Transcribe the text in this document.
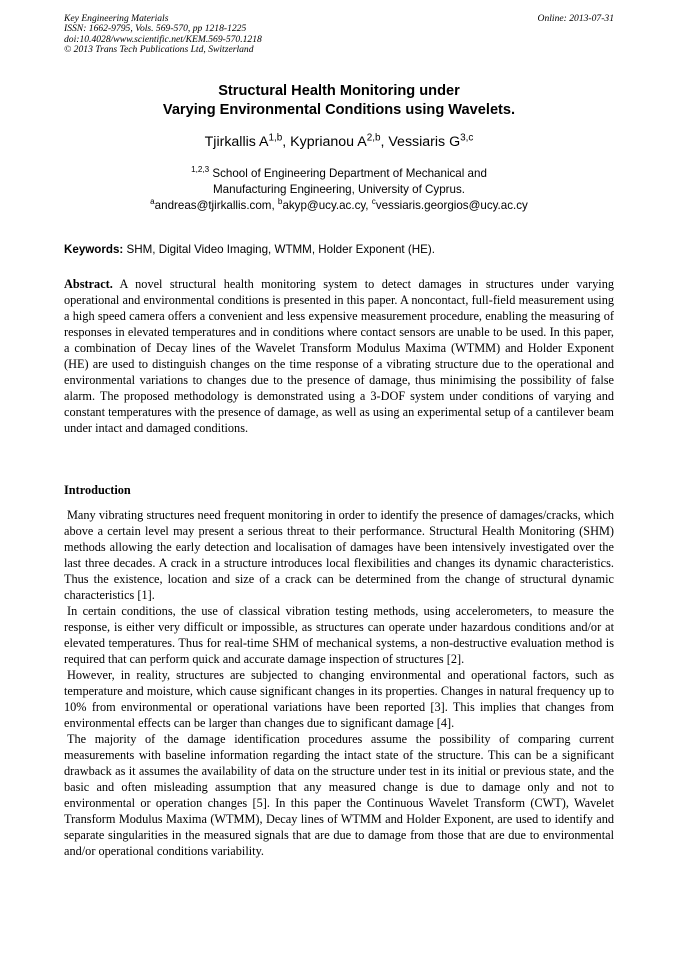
Key Engineering Materials
ISSN: 1662-9795, Vols. 569-570, pp 1218-1225
doi:10.4028/www.scientific.net/KEM.569-570.1218
© 2013 Trans Tech Publications Ltd, Switzerland
Online: 2013-07-31
Structural Health Monitoring under
Varying Environmental Conditions using Wavelets.
Tjirkallis A$^{1,b}$, Kyprianou A$^{2,b}$, Vessiaris G$^{3,c}$
$^{1,2,3}$ School of Engineering Department of Mechanical and
Manufacturing Engineering, University of Cyprus.
$^a$andreas@tjirkallis.com, $^b$akyp@ucy.ac.cy, $^c$vessiaris.georgios@ucy.ac.cy
Keywords: SHM, Digital Video Imaging, WTMM, Holder Exponent (HE).
Abstract. A novel structural health monitoring system to detect damages in structures under varying operational and environmental conditions is presented in this paper. A noncontact, full-field measurement using a high speed camera offers a convenient and less expensive measurement procedure, enabling the measuring of responses in elevated temperatures and in conditions where contact sensors are unable to be used. In this paper, a combination of Decay lines of the Wavelet Transform Modulus Maxima (WTMM) and Holder Exponent (HE) are used to distinguish changes on the time response of a vibrating structure due to the operational and environmental variations to changes due to the presence of damage, thus minimising the possibility of false alarm. The proposed methodology is demonstrated using a 3-DOF system under conditions of varying and constant temperatures with the presence of damage, as well as using an experimental setup of a cantilever beam under intact and damaged conditions.
Introduction

Many vibrating structures need frequent monitoring in order to identify the presence of damages/cracks, which above a certain level may present a serious threat to their performance. Structural Health Monitoring (SHM) methods allowing the early detection and localisation of damages have been intensively investigated over the last three decades. A crack in a structure introduces local flexibilities and changes its dynamic characteristics. Thus the existence, location and size of a crack can be determined from the change of structural dynamic characteristics [1].

In certain conditions, the use of classical vibration testing methods, using accelerometers, to measure the response, is either very difficult or impossible, as structures can operate under hazardous conditions and/or at elevated temperatures. Thus for real-time SHM of mechanical systems, a non-destructive evaluation method is required that can perform quick and accurate damage inspection of structures [2].

However, in reality, structures are subjected to changing environmental and operational factors, such as temperature and moisture, which cause significant changes in its properties. Changes in natural frequency up to 10% from environmental or operational variations have been reported [3]. This implies that changes from environmental effects can be larger than changes due to significant damage [4].

The majority of the damage identification procedures assume the possibility of comparing current measurements with baseline information regarding the intact state of the structure. This can be a significant drawback as it assumes the availability of data on the structure under test in its initial or previous state, and the basic and often misleading assumption that any measured change is due to damage only and not to environmental or operation changes [5]. In this paper the Continuous Wavelet Transform (CWT), Wavelet Transform Modulus Maxima (WTMM), Decay lines of WTMM and Holder Exponent, are used to identify and separate singularities in the measured signals that are due to damage from those that are due to environmental and/or operational conditions variability.
